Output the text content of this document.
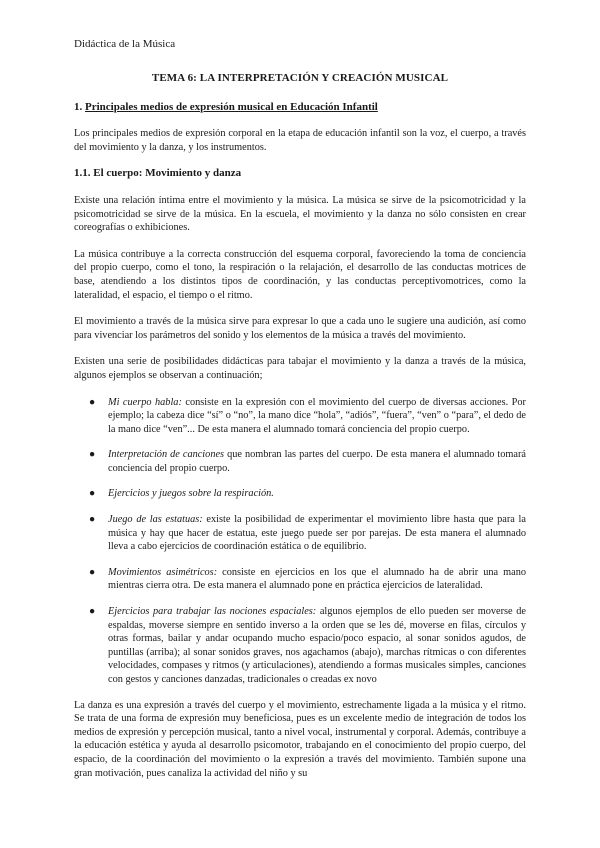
Didáctica de la Música
TEMA 6: LA INTERPRETACIÓN Y CREACIÓN MUSICAL
1. Principales medios de expresión musical en Educación Infantil

Los principales medios de expresión corporal en la etapa de educación infantil son la voz, el cuerpo, a través del movimiento y la danza, y los instrumentos.

1.1. El cuerpo: Movimiento y danza

Existe una relación íntima entre el movimiento y la música. La música se sirve de la psicomotricidad y la psicomotricidad se sirve de la música. En la escuela, el movimiento y la danza no sólo consisten en crear coreografías o exhibiciones.

La música contribuye a la correcta construcción del esquema corporal, favoreciendo la toma de conciencia del propio cuerpo, como el tono, la respiración o la relajación, el desarrollo de las conductas motrices de base, atendiendo a los distintos tipos de coordinación, y las conductas perceptivomotrices, como la lateralidad, el espacio, el tiempo o el ritmo.

El movimiento a través de la música sirve para expresar lo que a cada uno le sugiere una audición, así como para vivenciar los parámetros del sonido y los elementos de la música a través del movimiento.

Existen una serie de posibilidades didácticas para tabajar el movimiento y la danza a través de la música, algunos ejemplos se observan a continuación;

● Mi cuerpo habla: consiste en la expresión con el movimiento del cuerpo de diversas acciones. Por ejemplo; la cabeza dice “sí” o “no”, la mano dice “hola”, “adiós”, “fuera”, “ven” o “para”, el dedo de la mano dice “ven”... De esta manera el alumnado tomará conciencia del propio cuerpo.
● Interpretación de canciones que nombran las partes del cuerpo. De esta manera el alumnado tomará conciencia del propio cuerpo.
● Ejercicios y juegos sobre la respiración.
● Juego de las estatuas: existe la posibilidad de experimentar el movimiento libre hasta que para la música y hay que hacer de estatua, este juego puede ser por parejas. De esta manera el alumnado lleva a cabo ejercicios de coordinación estática o de equilibrio.
● Movimientos asimétricos: consiste en ejercicios en los que el alumnado ha de abrir una mano mientras cierra otra. De esta manera el alumnado pone en práctica ejercicios de lateralidad.
● Ejercicios para trabajar las nociones espaciales: algunos ejemplos de ello pueden ser moverse de espaldas, moverse siempre en sentido inverso a la orden que se les dé, moverse en filas, círculos y otras formas, bailar y andar ocupando mucho espacio/poco espacio, al sonar sonidos agudos, de puntillas (arriba); al sonar sonidos graves, nos agachamos (abajo), marchas rítmicas o con diferentes velocidades, compases y ritmos (y articulaciones), atendiendo a formas musicales simples, canciones con gestos y canciones danzadas, tradicionales o creadas ex novo

La danza es una expresión a través del cuerpo y el movimiento, estrechamente ligada a la música y el ritmo. Se trata de una forma de expresión muy beneficiosa, pues es un excelente medio de integración de todos los medios de expresión y percepción musical, tanto a nivel vocal, instrumental y corporal. Además, contribuye a la educación estética y ayuda al desarrollo psicomotor, trabajando en el conocimiento del propio cuerpo, del espacio, de la coordinación del movimiento o la expresión a través del movimiento. También supone una gran motivación, pues canaliza la actividad del niño y su
